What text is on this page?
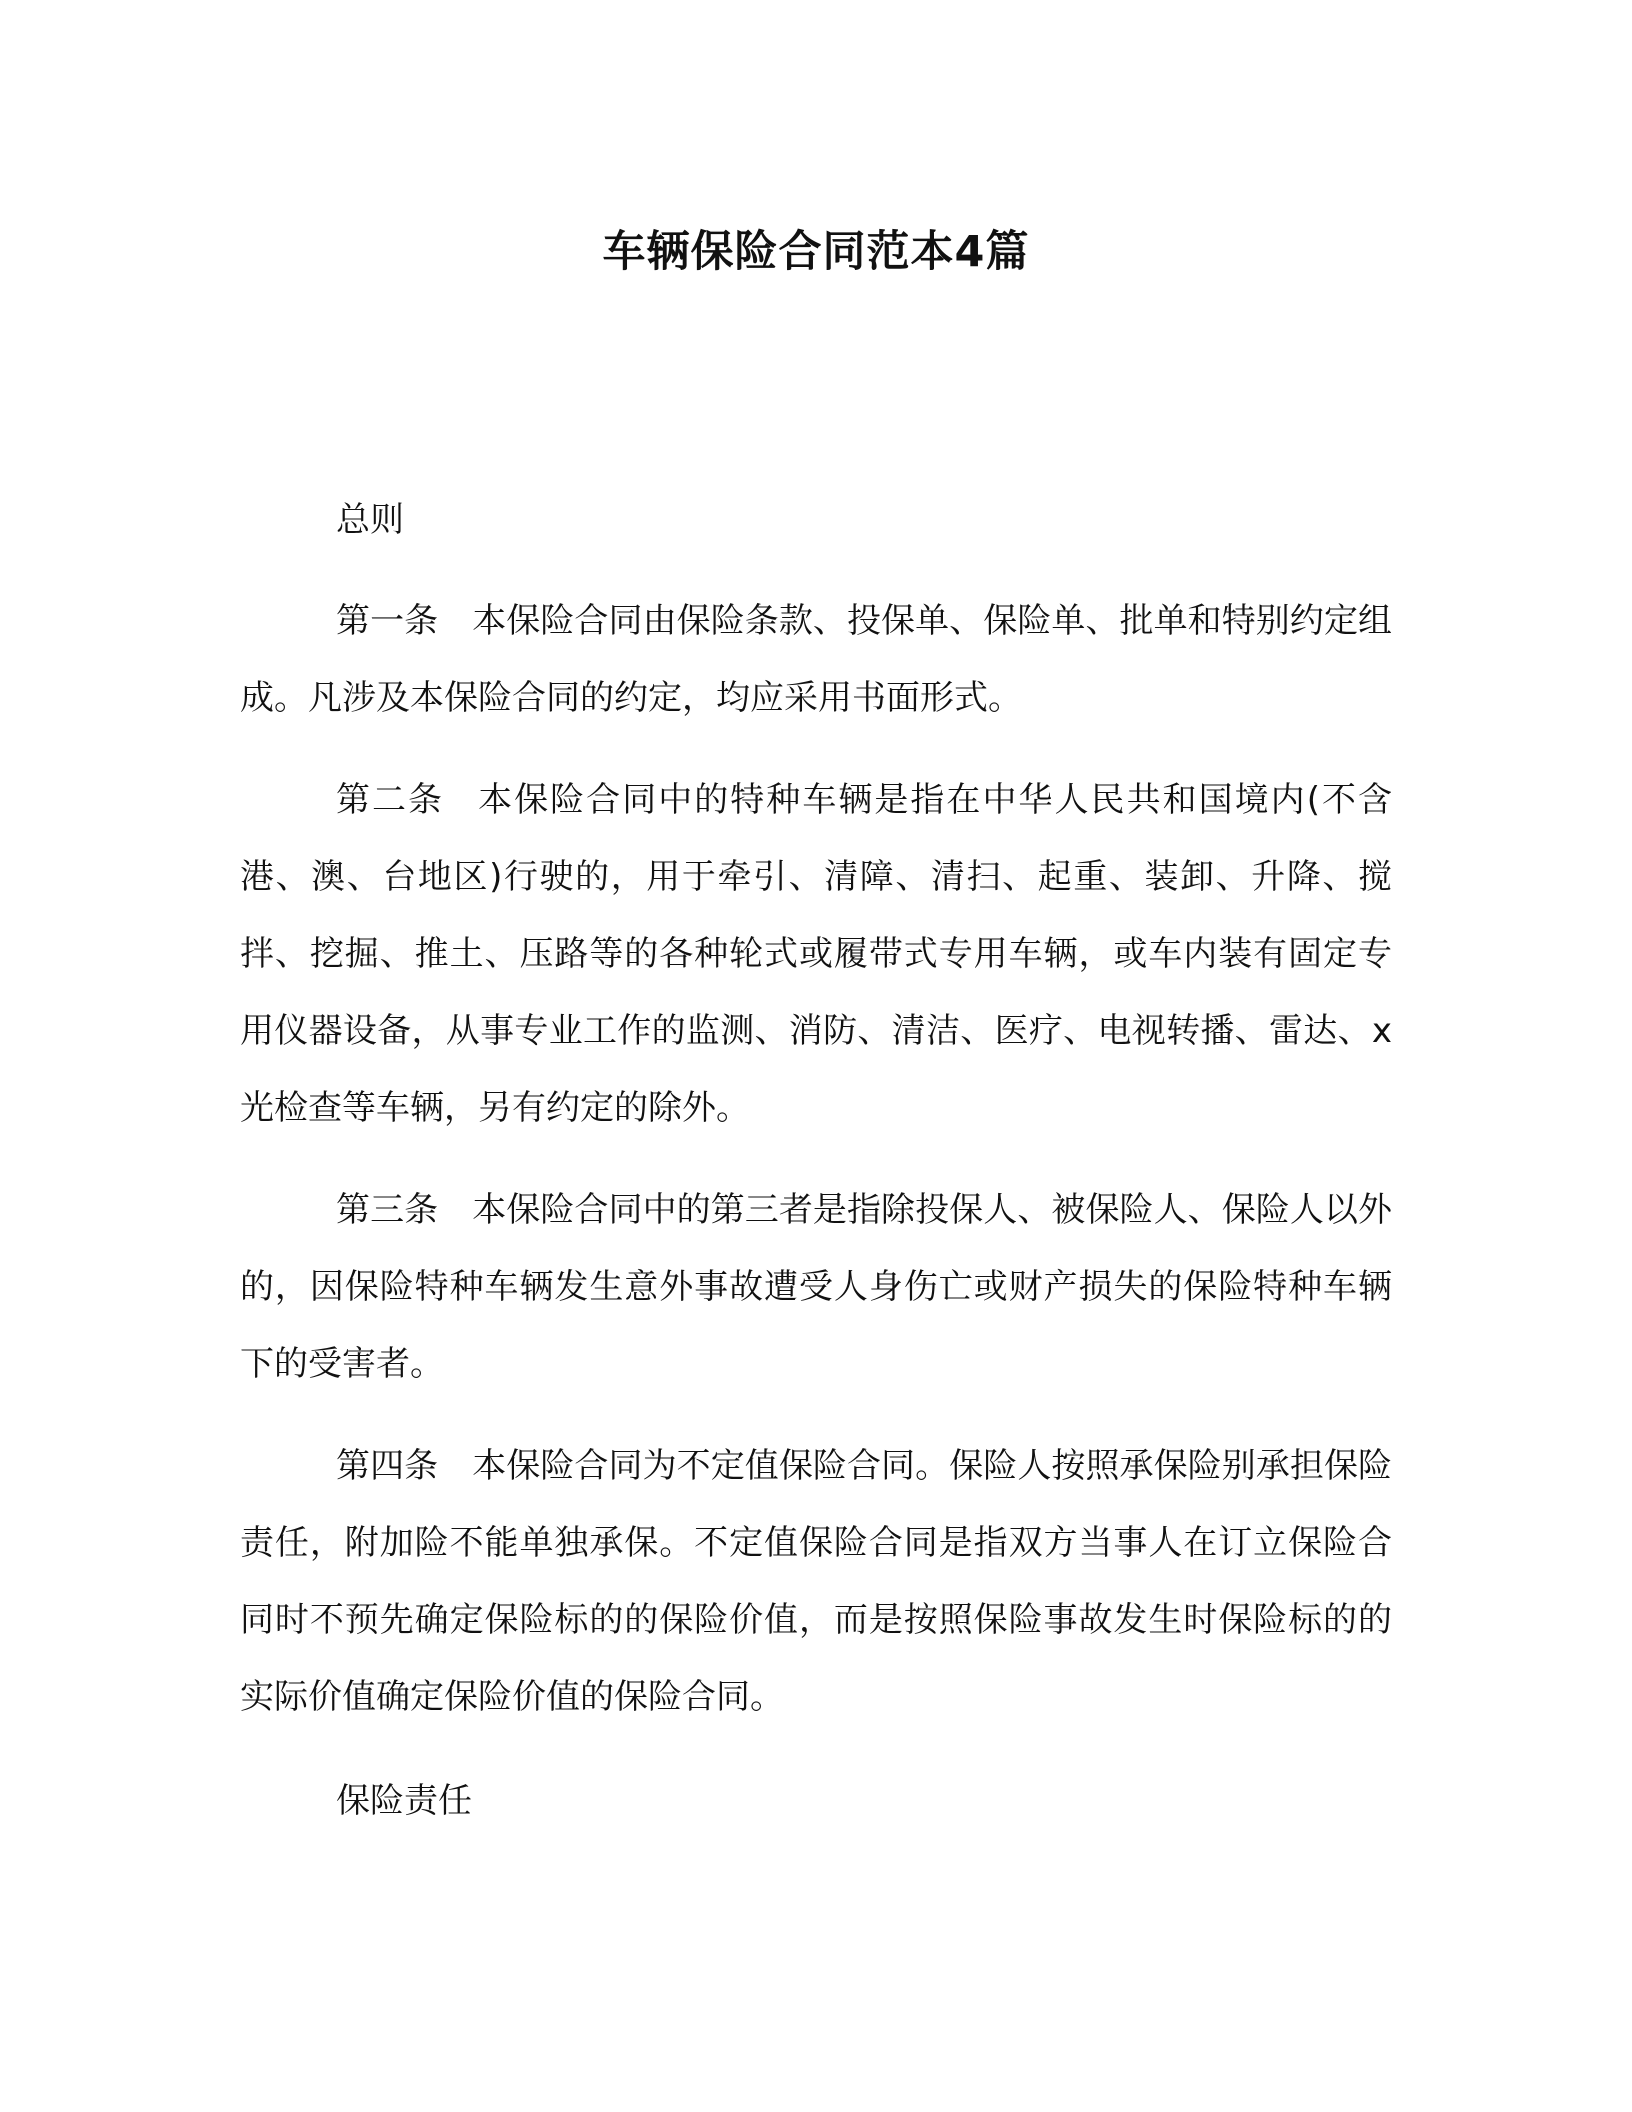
车辆保险合同范本4篇
总则

第一条 本保险合同由保险条款、投保单、保险单、批单和特别约定组成。凡涉及本保险合同的约定，均应采用书面形式。

第二条 本保险合同中的特种车辆是指在中华人民共和国境内(不含港、澳、台地区)行驶的，用于牵引、清障、清扫、起重、装卸、升降、搅拌、挖掘、推土、压路等的各种轮式或履带式专用车辆，或车内装有固定专用仪器设备，从事专业工作的监测、消防、清洁、医疗、电视转播、雷达、x光检查等车辆，另有约定的除外。

第三条 本保险合同中的第三者是指除投保人、被保险人、保险人以外的，因保险特种车辆发生意外事故遭受人身伤亡或财产损失的保险特种车辆下的受害者。

第四条 本保险合同为不定值保险合同。保险人按照承保险别承担保险责任，附加险不能单独承保。不定值保险合同是指双方当事人在订立保险合同时不预先确定保险标的的保险价值，而是按照保险事故发生时保险标的的实际价值确定保险价值的保险合同。

保险责任
